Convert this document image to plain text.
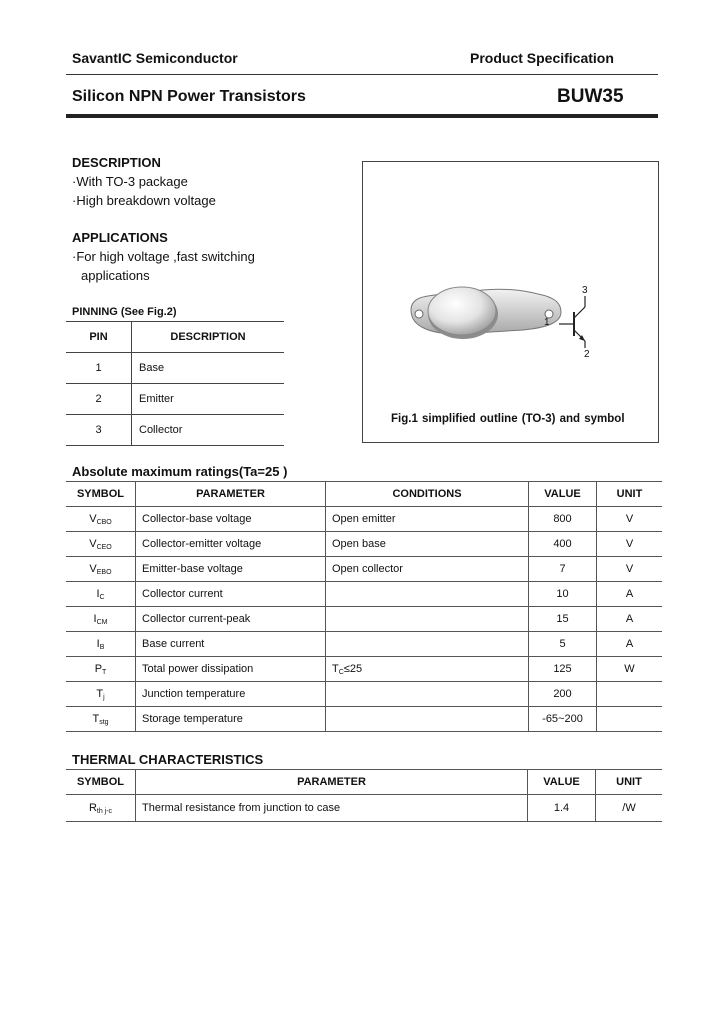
SavantIC Semiconductor	Product Specification
Silicon NPN Power Transistors	BUW35
DESCRIPTION
·With TO-3 package
·High breakdown voltage
APPLICATIONS
·For high voltage ,fast switching
applications
PINNING (See Fig.2)
PIN	DESCRIPTION
1	Base
2	Emitter
3	Collector
1
2
3
Fig.1 simplified outline (TO-3) and symbol
Absolute maximum ratings(Ta=25 )
SYMBOL	PARAMETER	CONDITIONS	VALUE	UNIT
$V_{CBO}$	Collector-base voltage	Open emitter	800	V
$V_{CEO}$	Collector-emitter voltage	Open base	400	V
$V_{EBO}$	Emitter-base voltage	Open collector	7	V
$I_C$	Collector current		10	A
$I_{CM}$	Collector current-peak		15	A
$I_B$	Base current		5	A
$P_T$	Total power dissipation	$T_C\le 25$	125	W
$T_j$	Junction temperature		200	
$T_{stg}$	Storage temperature		-65~200	
THERMAL CHARACTERISTICS
SYMBOL	PARAMETER	VALUE	UNIT
$R_{th j-c}$	Thermal resistance from junction to case	1.4	/W
